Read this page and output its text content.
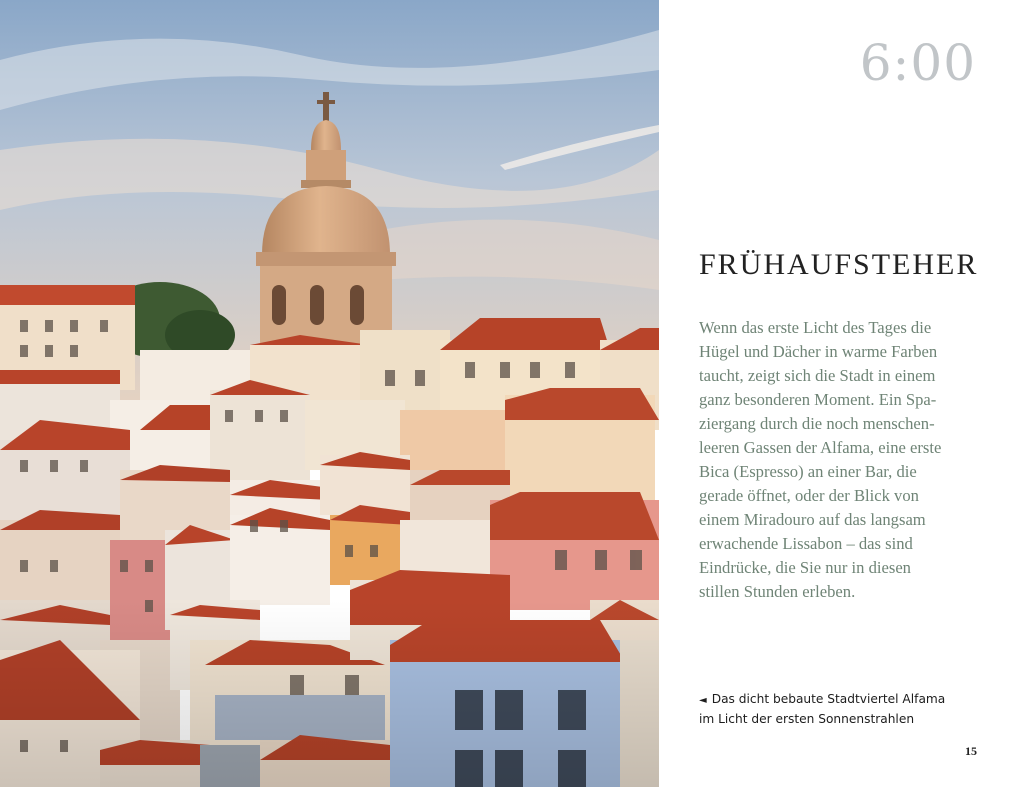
6:00
FRÜHAUFSTEHER

Wenn das erste Licht des Tages die
Hügel und Dächer in warme Farben
taucht, zeigt sich die Stadt in einem
ganz besonderen Moment. Ein Spa-
ziergang durch die noch menschen-
leeren Gassen der Alfama, eine erste
Bica (Espresso) an einer Bar, die
gerade öffnet, oder der Blick von
einem Miradouro auf das langsam
erwachende Lissabon – das sind
Eindrücke, die Sie nur in diesen
stillen Stunden erleben.

◄ Das dicht bebaute Stadtviertel Alfama
im Licht der ersten Sonnenstrahlen
15
